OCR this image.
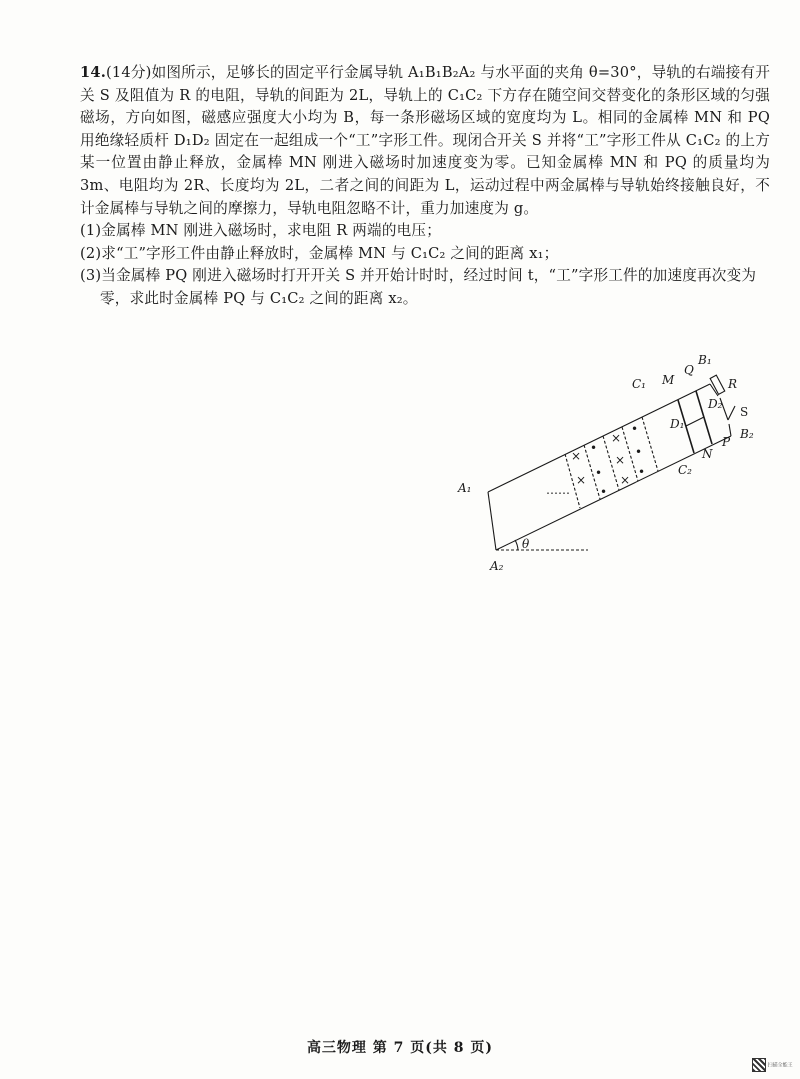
14.(14分)如图所示，足够长的固定平行金属导轨 A₁B₁B₂A₂ 与水平面的夹角 θ=30°，导轨的右端接有开关 S 及阻值为 R 的电阻，导轨的间距为 2L，导轨上的 C₁C₂ 下方存在随空间交替变化的条形区域的匀强磁场，方向如图，磁感应强度大小均为 B，每一条形磁场区域的宽度均为 L。相同的金属棒 MN 和 PQ 用绝缘轻质杆 D₁D₂ 固定在一起组成一个“工”字形工件。现闭合开关 S 并将“工”字形工件从 C₁C₂ 的上方某一位置由静止释放，金属棒 MN 刚进入磁场时加速度变为零。已知金属棒 MN 和 PQ 的质量均为 3m、电阻均为 2R、长度均为 2L，二者之间的间距为 L，运动过程中两金属棒与导轨始终接触良好，不计金属棒与导轨之间的摩擦力，导轨电阻忽略不计，重力加速度为 g。

(1)金属棒 MN 刚进入磁场时，求电阻 R 两端的电压；

(2)求“工”字形工件由静止释放时，金属棒 MN 与 C₁C₂ 之间的距离 x₁；

(3)当金属棒 PQ 刚进入磁场时打开开关 S 并开始计时时，经过时间 t，“工”字形工件的加速度再次变为零，求此时金属棒 PQ 与 C₁C₂ 之间的距离 x₂。

×
×
•
•
•
×
×
×
•
•
•
……
A₁
A₂
B₁
B₂
C₁
C₂
D₁
D₂
M
N
P
Q
R
S
θ
高三物理 第 7 页(共 8 页)
扫描全能王
